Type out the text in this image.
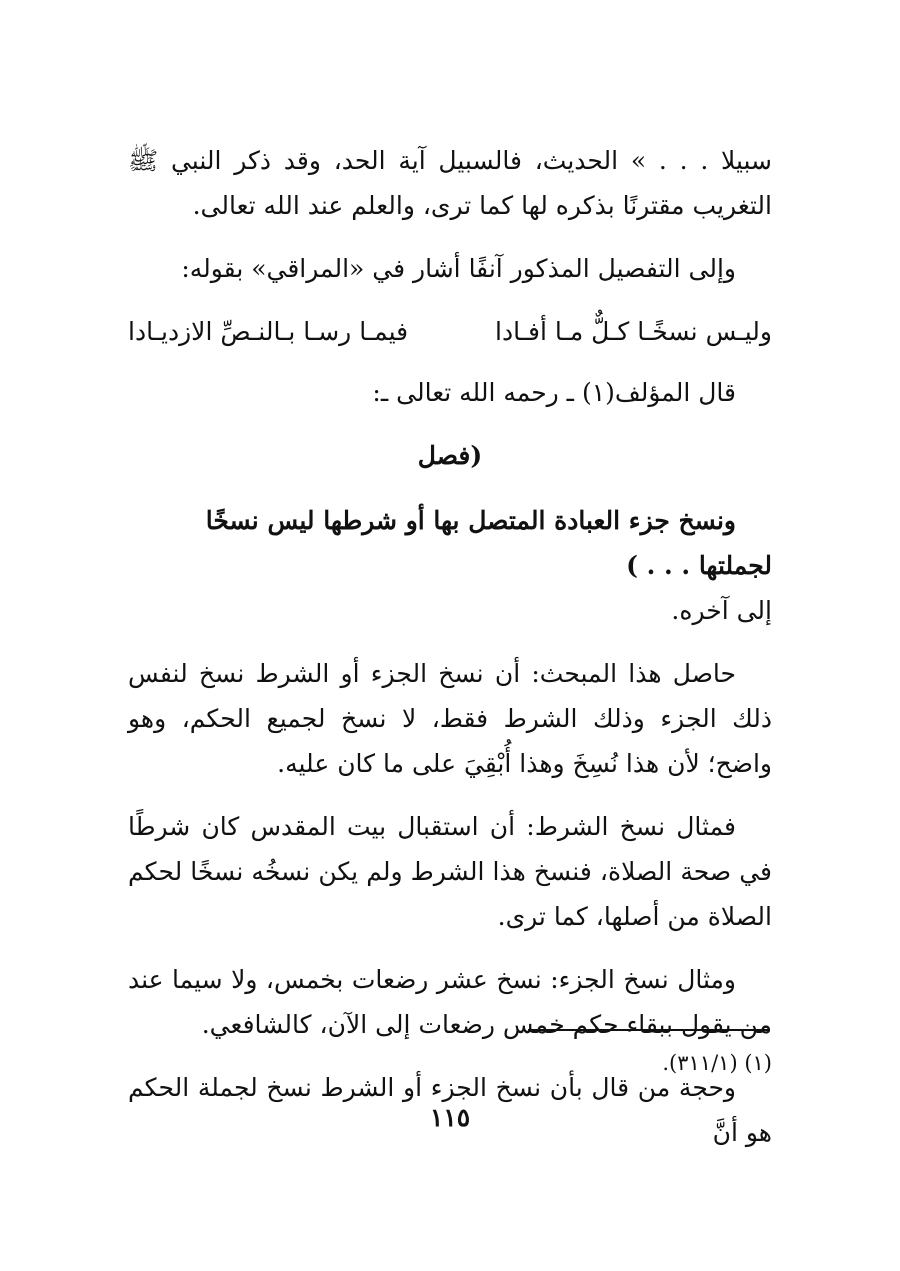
سبيلا . . . » الحديث، فالسبيل آية الحد، وقد ذكر النبي ﷺ التغريب مقترنًا بذكره لها كما ترى، والعلم عند الله تعالى.

وإلى التفصيل المذكور آنفًا أشار في «المراقي» بقوله:

وليـس نسخًـا كـلٌّ مـا أفـادا
فيمـا رسـا بـالنـصِّ الازديـادا

قال المؤلف(١) ـ رحمه الله تعالى ـ:

(فصل

ونسخ جزء العبادة المتصل بها أو شرطها ليس نسخًا لجملتها . . . )

إلى آخره.

حاصل هذا المبحث: أن نسخ الجزء أو الشرط نسخ لنفس ذلك الجزء وذلك الشرط فقط، لا نسخ لجميع الحكم، وهو واضح؛ لأن هذا نُسِخَ وهذا أُبْقِيَ على ما كان عليه.

فمثال نسخ الشرط: أن استقبال بيت المقدس كان شرطًا في صحة الصلاة، فنسخ هذا الشرط ولم يكن نسخُه نسخًا لحكم الصلاة من أصلها، كما ترى.

ومثال نسخ الجزء: نسخ عشر رضعات بخمس، ولا سيما عند من يقول ببقاء حكم خمس رضعات إلى الآن، كالشافعي.

وحجة من قال بأن نسخ الجزء أو الشرط نسخ لجملة الحكم هو أنَّ

(١) (٣١١/١).
١١٥
